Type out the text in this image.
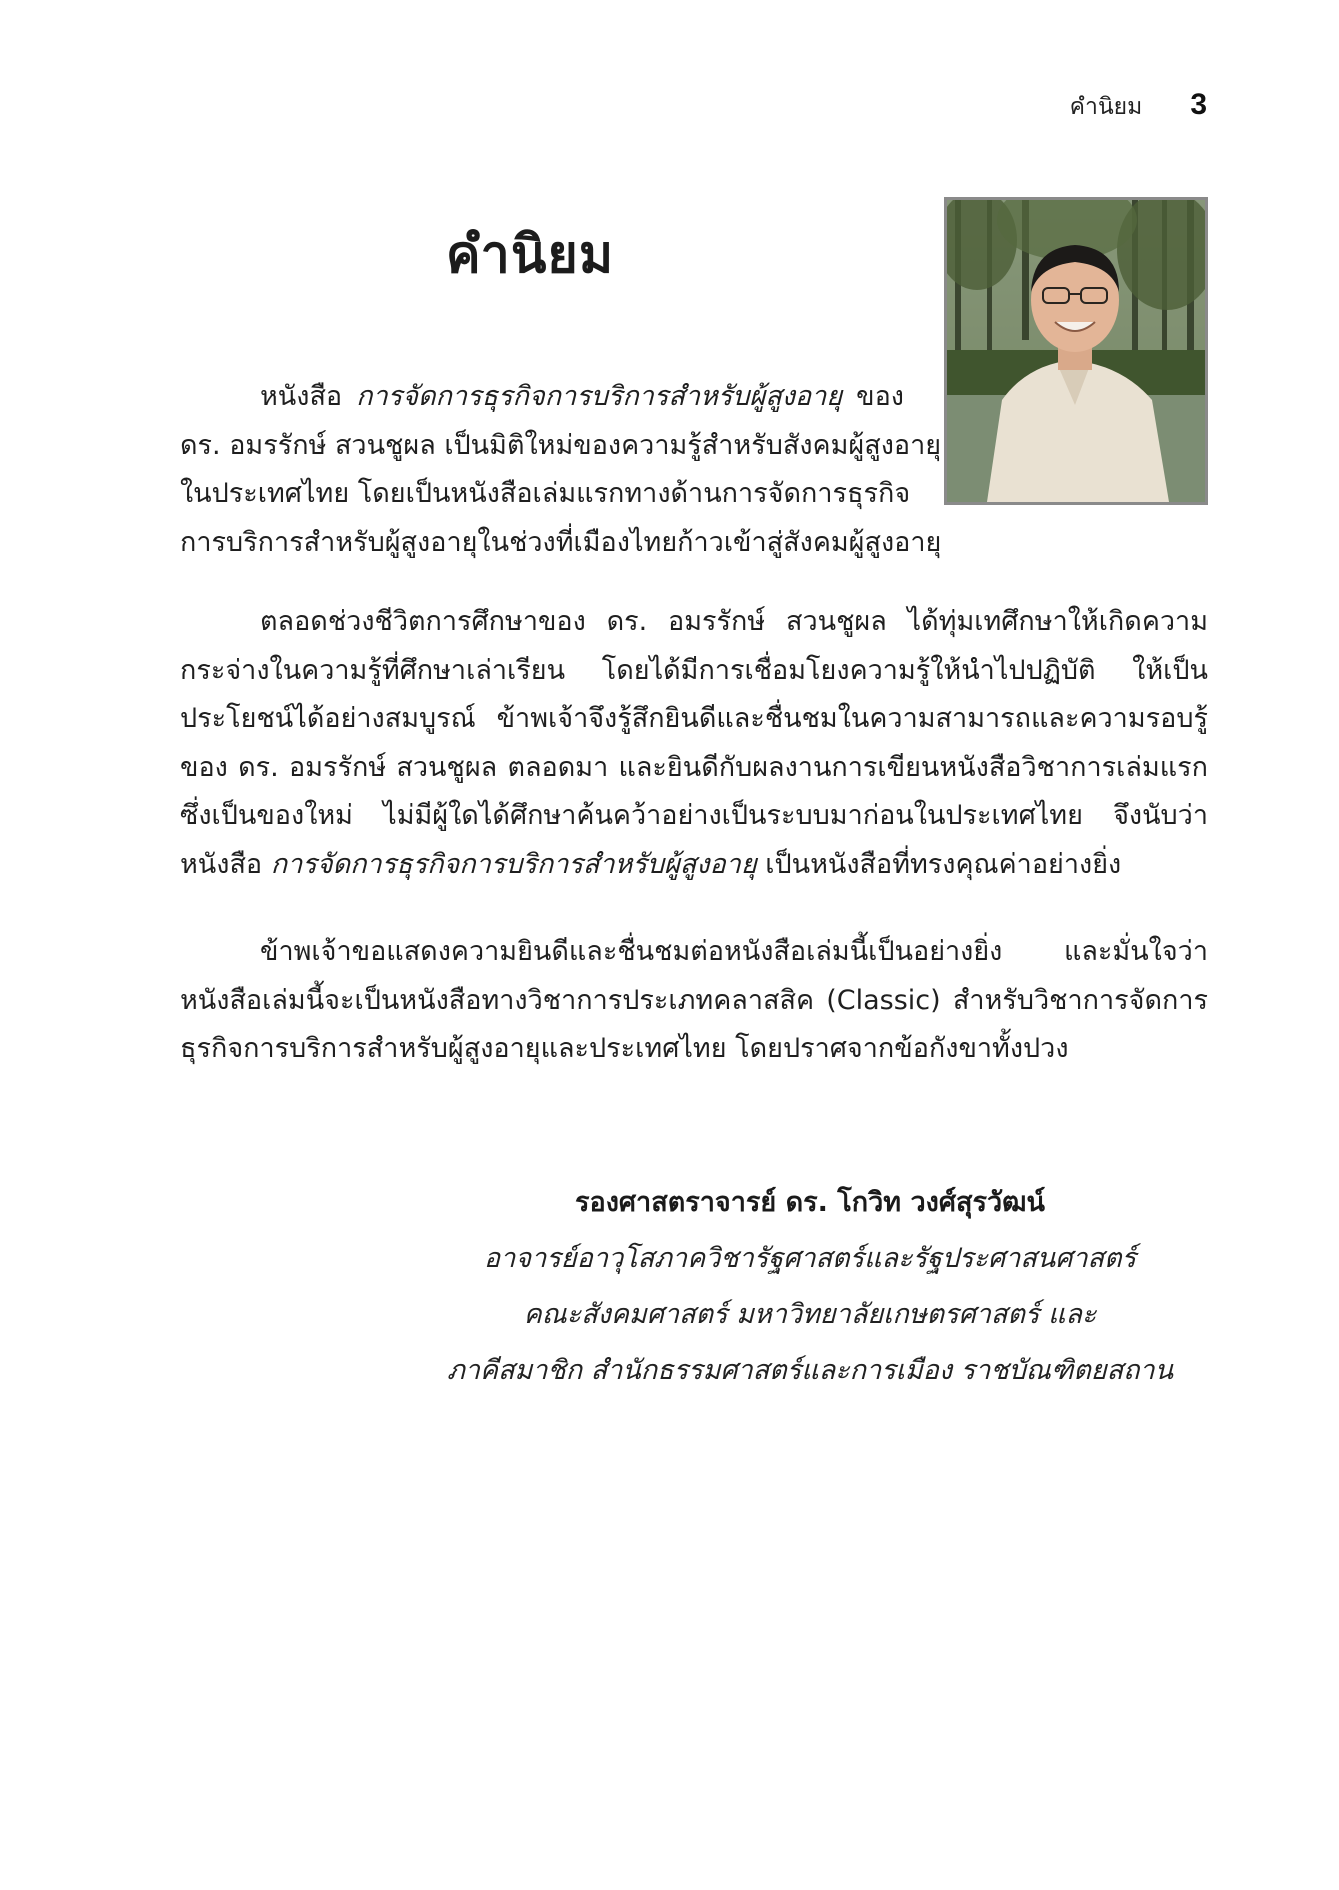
คำนิยม 3
คำนิยม
หนังสือ การจัดการธุรกิจการบริการสำหรับผู้สูงอายุ ของ
ดร. อมรรักษ์ สวนชูผล เป็นมิติใหม่ของความรู้สำหรับสังคมผู้สูงอายุ
ในประเทศไทย โดยเป็นหนังสือเล่มแรกทางด้านการจัดการธุรกิจ
การบริการสำหรับผู้สูงอายุในช่วงที่เมืองไทยก้าวเข้าสู่สังคมผู้สูงอายุ
ตลอดช่วงชีวิตการศึกษาของ ดร. อมรรักษ์ สวนชูผล ได้ทุ่มเทศึกษาให้เกิดความ
กระจ่างในความรู้ที่ศึกษาเล่าเรียน โดยได้มีการเชื่อมโยงความรู้ให้นำไปปฏิบัติ ให้เป็น
ประโยชน์ได้อย่างสมบูรณ์ ข้าพเจ้าจึงรู้สึกยินดีและชื่นชมในความสามารถและความรอบรู้
ของ ดร. อมรรักษ์ สวนชูผล ตลอดมา และยินดีกับผลงานการเขียนหนังสือวิชาการเล่มแรก
ซึ่งเป็นของใหม่ ไม่มีผู้ใดได้ศึกษาค้นคว้าอย่างเป็นระบบมาก่อนในประเทศไทย จึงนับว่า
หนังสือ การจัดการธุรกิจการบริการสำหรับผู้สูงอายุ เป็นหนังสือที่ทรงคุณค่าอย่างยิ่ง
ข้าพเจ้าขอแสดงความยินดีและชื่นชมต่อหนังสือเล่มนี้เป็นอย่างยิ่ง และมั่นใจว่า
หนังสือเล่มนี้จะเป็นหนังสือทางวิชาการประเภทคลาสสิค (Classic) สำหรับวิชาการจัดการ
ธุรกิจการบริการสำหรับผู้สูงอายุและประเทศไทย โดยปราศจากข้อกังขาทั้งปวง
รองศาสตราจารย์ ดร. โกวิท วงศ์สุรวัฒน์
อาจารย์อาวุโสภาควิชารัฐศาสตร์และรัฐประศาสนศาสตร์
คณะสังคมศาสตร์ มหาวิทยาลัยเกษตรศาสตร์ และ
ภาคีสมาชิก สำนักธรรมศาสตร์และการเมือง ราชบัณฑิตยสถาน
